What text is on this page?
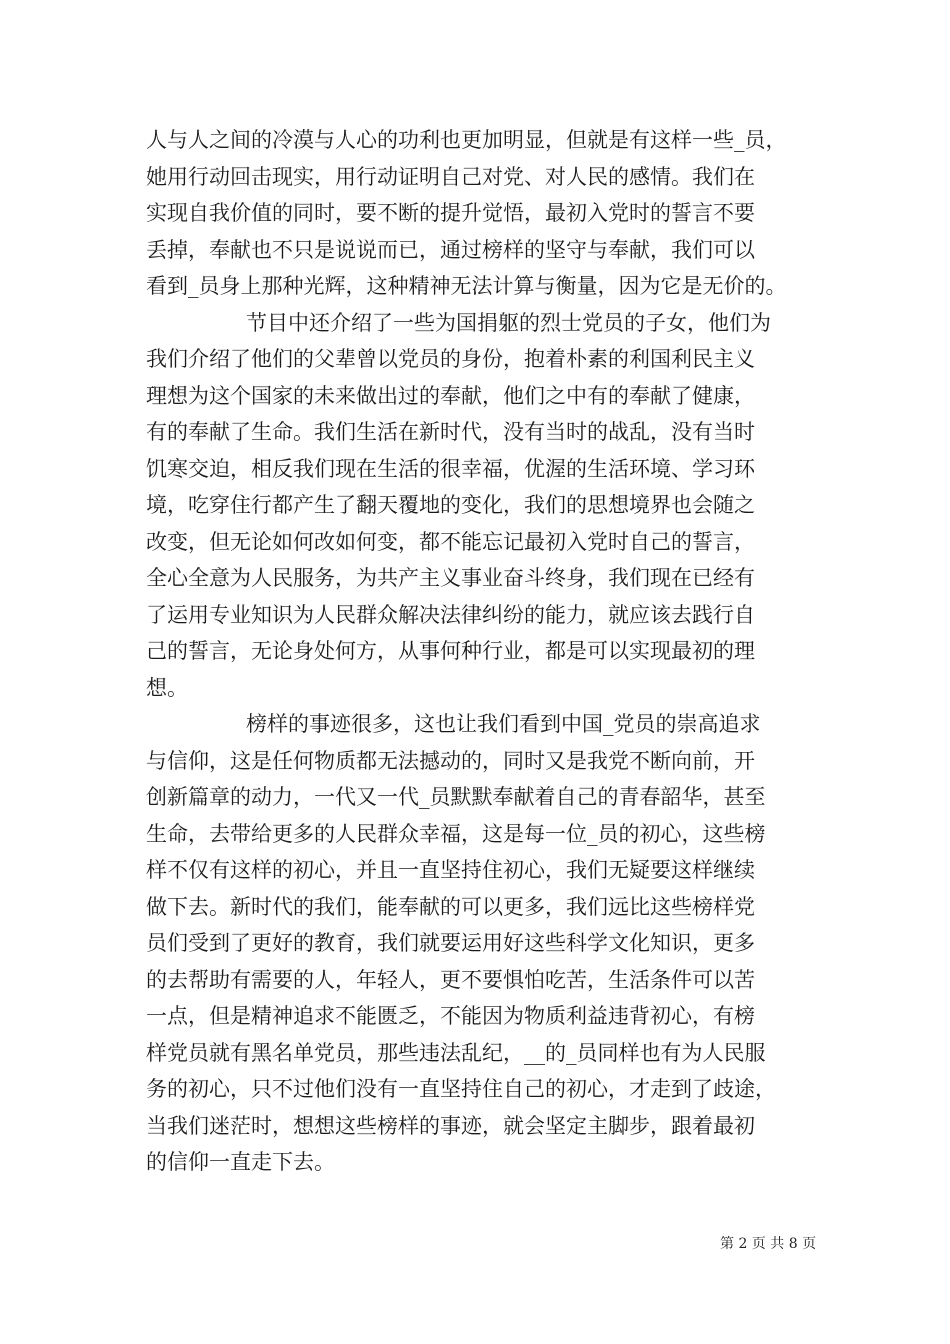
人与人之间的冷漠与人心的功利也更加明显，但就是有这样一些_员，
她用行动回击现实，用行动证明自己对党、对人民的感情。我们在
实现自我价值的同时，要不断的提升觉悟，最初入党时的誓言不要
丢掉，奉献也不只是说说而已，通过榜样的坚守与奉献，我们可以
看到_员身上那种光辉，这种精神无法计算与衡量，因为它是无价的。
节目中还介绍了一些为国捐躯的烈士党员的子女，他们为
我们介绍了他们的父辈曾以党员的身份，抱着朴素的利国利民主义
理想为这个国家的未来做出过的奉献，他们之中有的奉献了健康，
有的奉献了生命。我们生活在新时代，没有当时的战乱，没有当时
饥寒交迫，相反我们现在生活的很幸福，优渥的生活环境、学习环
境，吃穿住行都产生了翻天覆地的变化，我们的思想境界也会随之
改变，但无论如何改如何变，都不能忘记最初入党时自己的誓言，
全心全意为人民服务，为共产主义事业奋斗终身，我们现在已经有
了运用专业知识为人民群众解决法律纠纷的能力，就应该去践行自
己的誓言，无论身处何方，从事何种行业，都是可以实现最初的理
想。
榜样的事迹很多，这也让我们看到中国_党员的崇高追求
与信仰，这是任何物质都无法撼动的，同时又是我党不断向前，开
创新篇章的动力，一代又一代_员默默奉献着自己的青春韶华，甚至
生命，去带给更多的人民群众幸福，这是每一位_员的初心，这些榜
样不仅有这样的初心，并且一直坚持住初心，我们无疑要这样继续
做下去。新时代的我们，能奉献的可以更多，我们远比这些榜样党
员们受到了更好的教育，我们就要运用好这些科学文化知识，更多
的去帮助有需要的人，年轻人，更不要惧怕吃苦，生活条件可以苦
一点，但是精神追求不能匮乏，不能因为物质利益违背初心，有榜
样党员就有黑名单党员，那些违法乱纪，__的_员同样也有为人民服
务的初心，只不过他们没有一直坚持住自己的初心，才走到了歧途，
当我们迷茫时，想想这些榜样的事迹，就会坚定主脚步，跟着最初
的信仰一直走下去。
第 2 页 共 8 页
